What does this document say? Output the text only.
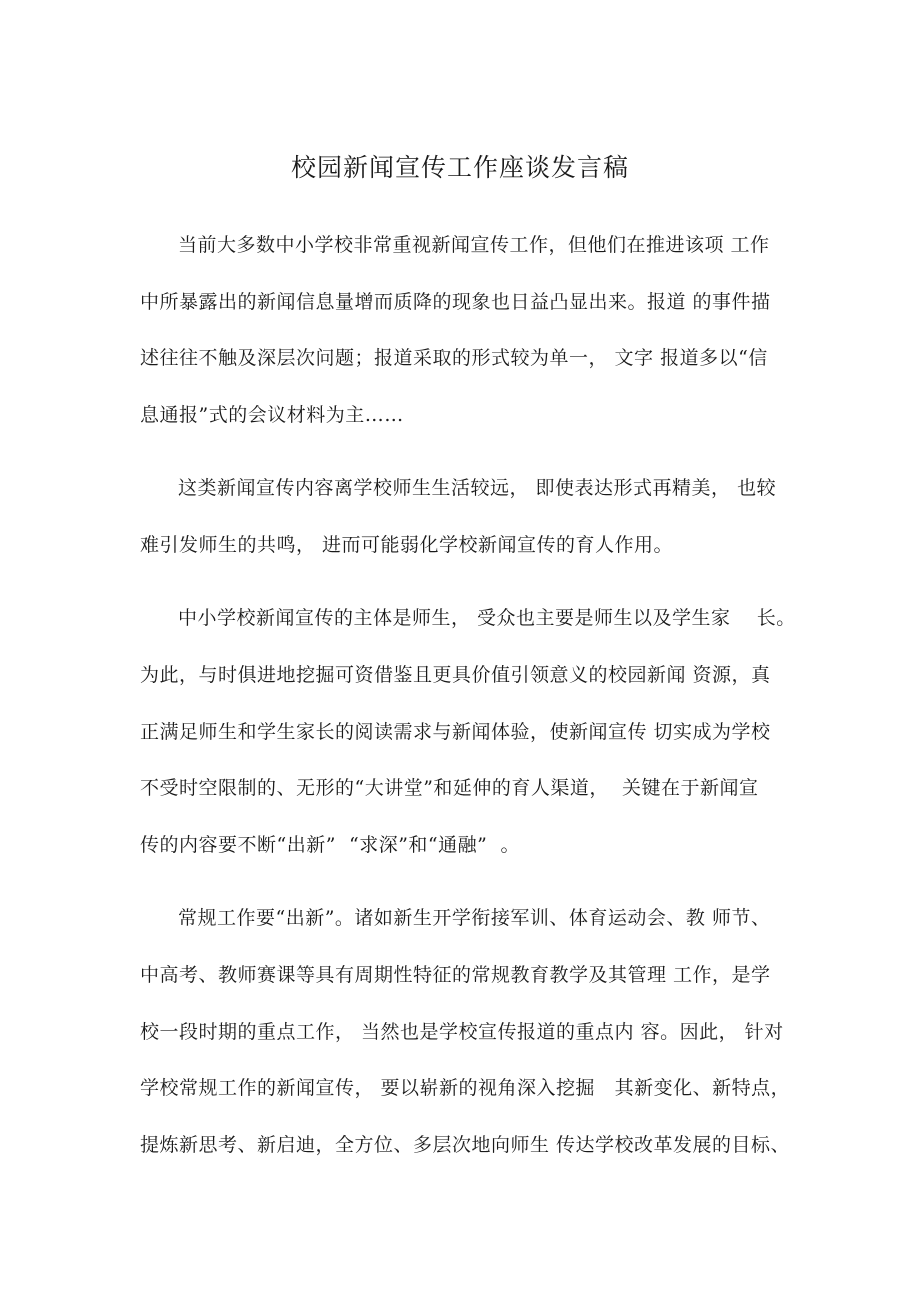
校园新闻宣传工作座谈发言稿
当前大多数中小学校非常重视新闻宣传工作，但他们在推进该项 工作
中所暴露出的新闻信息量增而质降的现象也日益凸显出来。报道 的事件描
述往往不触及深层次问题；报道采取的形式较为单一， 文字 报道多以“信
息通报”式的会议材料为主……
这类新闻宣传内容离学校师生生活较远， 即使表达形式再精美， 也较
难引发师生的共鸣， 进而可能弱化学校新闻宣传的育人作用。
中小学校新闻宣传的主体是师生， 受众也主要是师生以及学生家    长。
为此，与时俱进地挖掘可资借鉴且更具价值引领意义的校园新闻 资源，真
正满足师生和学生家长的阅读需求与新闻体验，使新闻宣传 切实成为学校
不受时空限制的、无形的“大讲堂”和延伸的育人渠道，  关键在于新闻宣
传的内容要不断“出新”  “求深”和“通融”  。
常规工作要“出新”。诸如新生开学衔接军训、体育运动会、教 师节、
中高考、教师赛课等具有周期性特征的常规教育教学及其管理 工作，是学
校一段时期的重点工作， 当然也是学校宣传报道的重点内 容。因此， 针对
学校常规工作的新闻宣传， 要以崭新的视角深入挖掘   其新变化、新特点，
提炼新思考、新启迪，全方位、多层次地向师生 传达学校改革发展的目标、
